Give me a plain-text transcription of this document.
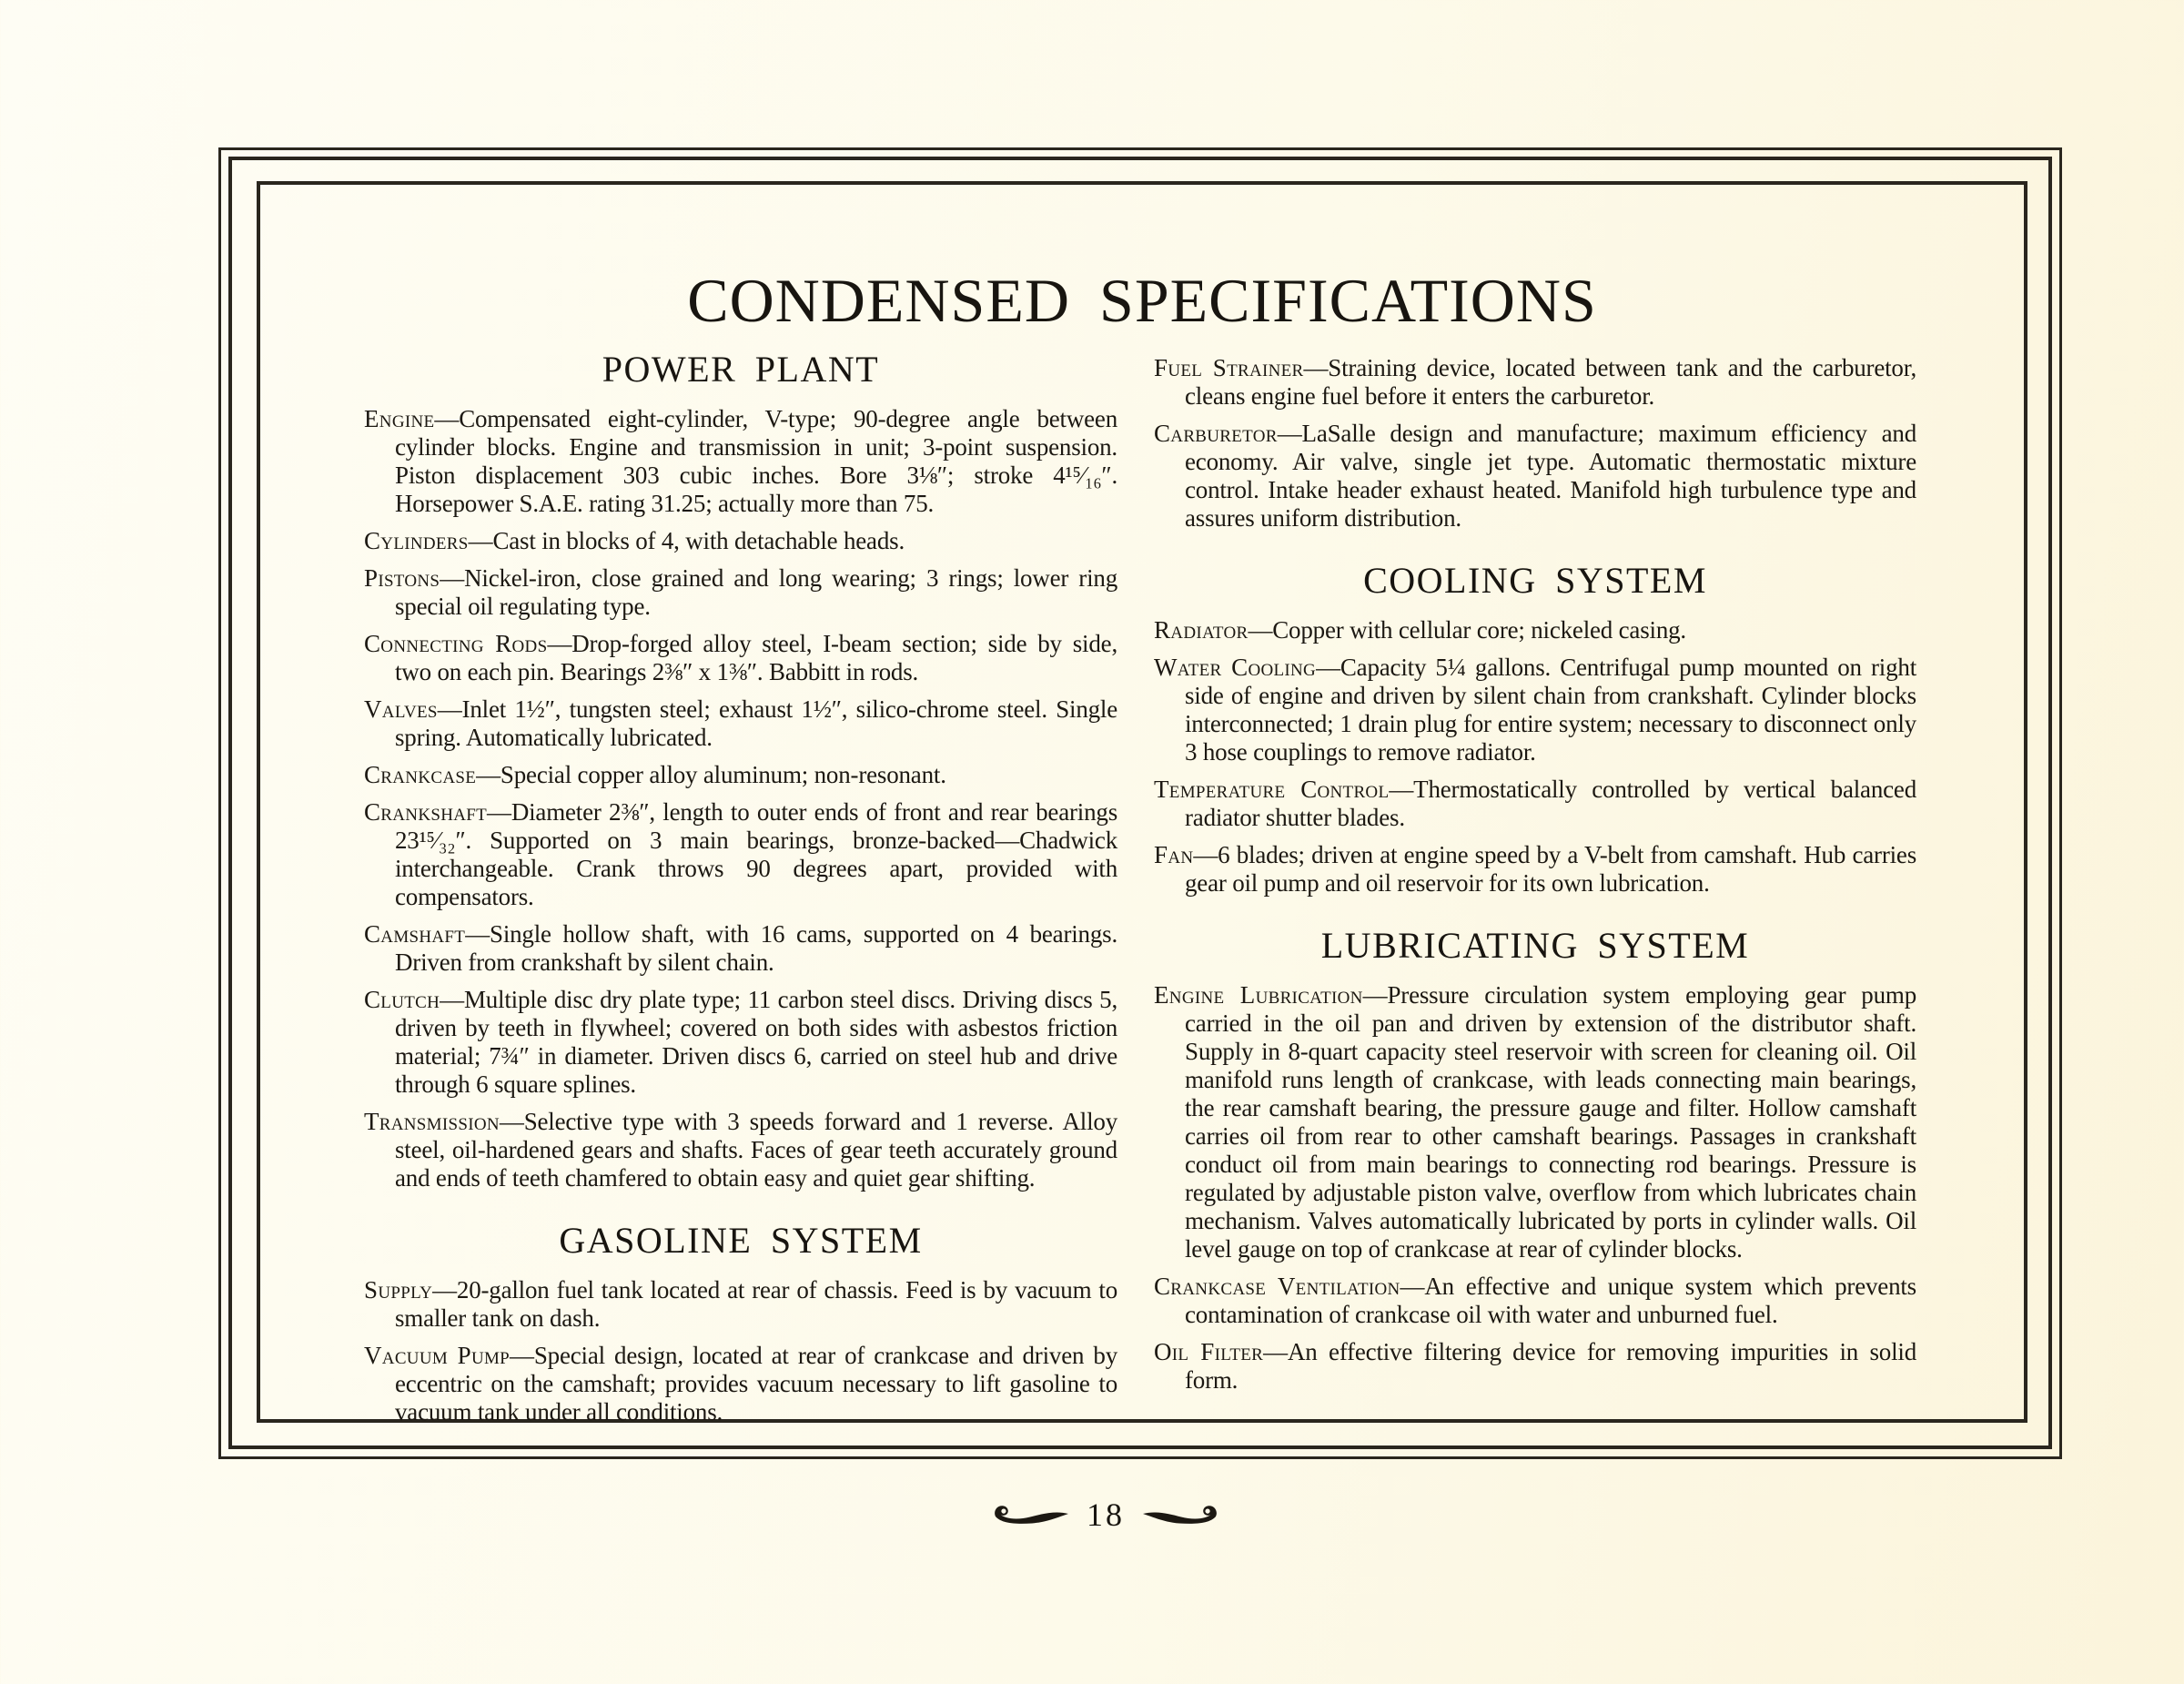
CONDENSED SPECIFICATIONS
POWER PLANT

Engine—Compensated eight-cylinder, V-type; 90-degree angle between cylinder blocks. Engine and transmission in unit; 3-point suspension. Piston displacement 303 cubic inches. Bore 3⅛″; stroke 4¹⁵⁄₁₆″. Horsepower S.A.E. rating 31.25; actually more than 75.

Cylinders—Cast in blocks of 4, with detachable heads.

Pistons—Nickel-iron, close grained and long wearing; 3 rings; lower ring special oil regulating type.

Connecting Rods—Drop-forged alloy steel, I-beam section; side by side, two on each pin. Bearings 2⅜″ x 1⅜″. Babbitt in rods.

Valves—Inlet 1½″, tungsten steel; exhaust 1½″, silico-chrome steel. Single spring. Automatically lubricated.

Crankcase—Special copper alloy aluminum; non-resonant.

Crankshaft—Diameter 2⅜″, length to outer ends of front and rear bearings 23¹⁵⁄₃₂″. Supported on 3 main bearings, bronze-backed—Chadwick interchangeable. Crank throws 90 degrees apart, provided with compensators.

Camshaft—Single hollow shaft, with 16 cams, supported on 4 bearings. Driven from crankshaft by silent chain.

Clutch—Multiple disc dry plate type; 11 carbon steel discs. Driving discs 5, driven by teeth in flywheel; covered on both sides with asbestos friction material; 7¾″ in diameter. Driven discs 6, carried on steel hub and drive through 6 square splines.

Transmission—Selective type with 3 speeds forward and 1 reverse. Alloy steel, oil-hardened gears and shafts. Faces of gear teeth accurately ground and ends of teeth chamfered to obtain easy and quiet gear shifting.

GASOLINE SYSTEM

Supply—20-gallon fuel tank located at rear of chassis. Feed is by vacuum to smaller tank on dash.

Vacuum Pump—Special design, located at rear of crankcase and driven by eccentric on the camshaft; provides vacuum necessary to lift gasoline to vacuum tank under all conditions.

Fuel Strainer—Straining device, located between tank and the carburetor, cleans engine fuel before it enters the carburetor.

Carburetor—LaSalle design and manufacture; maximum efficiency and economy. Air valve, single jet type. Automatic thermostatic mixture control. Intake header exhaust heated. Manifold high turbulence type and assures uniform distribution.

COOLING SYSTEM

Radiator—Copper with cellular core; nickeled casing.

Water Cooling—Capacity 5¼ gallons. Centrifugal pump mounted on right side of engine and driven by silent chain from crankshaft. Cylinder blocks interconnected; 1 drain plug for entire system; necessary to disconnect only 3 hose couplings to remove radiator.

Temperature Control—Thermostatically controlled by vertical balanced radiator shutter blades.

Fan—6 blades; driven at engine speed by a V-belt from camshaft. Hub carries gear oil pump and oil reservoir for its own lubrication.

LUBRICATING SYSTEM

Engine Lubrication—Pressure circulation system employing gear pump carried in the oil pan and driven by extension of the distributor shaft. Supply in 8-quart capacity steel reservoir with screen for cleaning oil. Oil manifold runs length of crankcase, with leads connecting main bearings, the rear camshaft bearing, the pressure gauge and filter. Hollow camshaft carries oil from rear to other camshaft bearings. Passages in crankshaft conduct oil from main bearings to connecting rod bearings. Pressure is regulated by adjustable piston valve, overflow from which lubricates chain mechanism. Valves automatically lubricated by ports in cylinder walls. Oil level gauge on top of crankcase at rear of cylinder blocks.

Crankcase Ventilation—An effective and unique system which prevents contamination of crankcase oil with water and unburned fuel.

Oil Filter—An effective filtering device for removing impurities in solid form.

18
